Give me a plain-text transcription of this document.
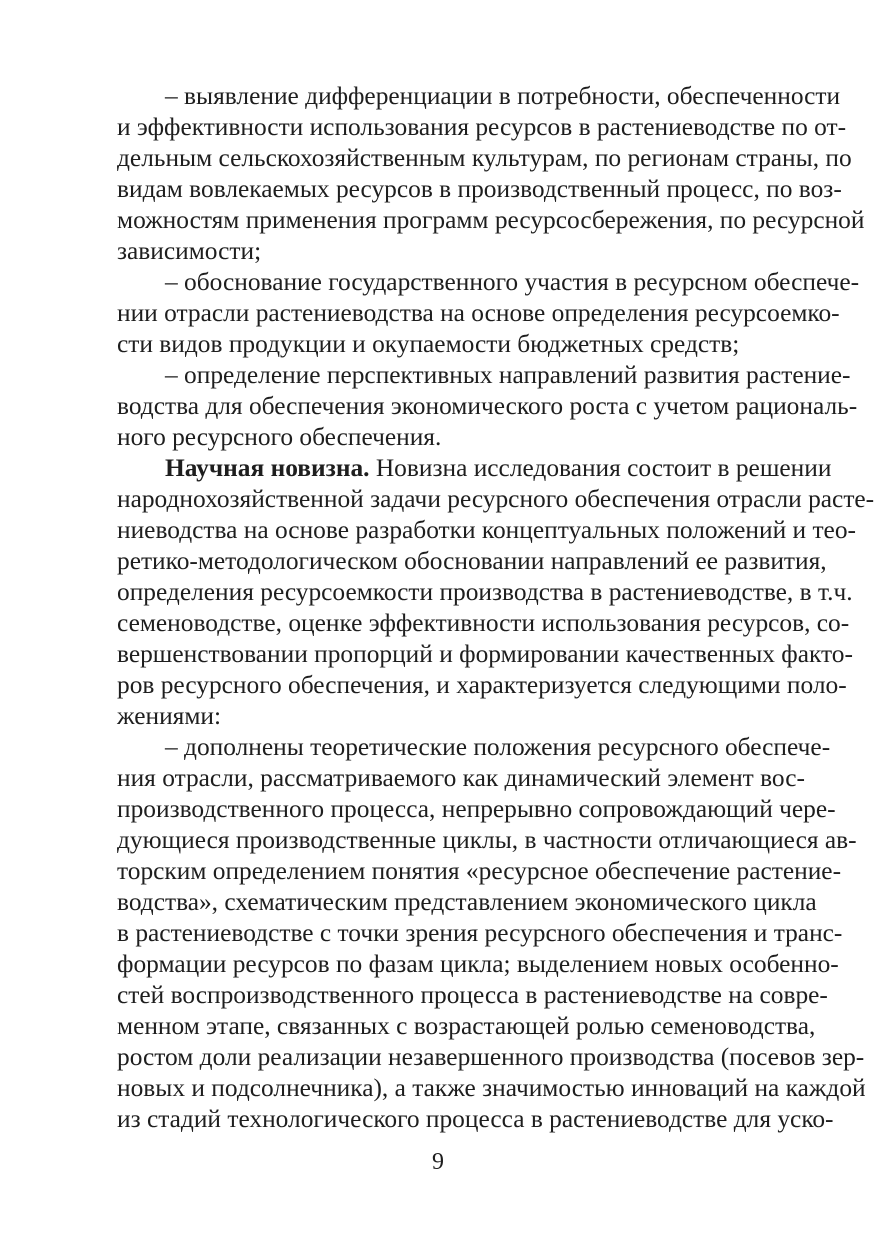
– выявление дифференциации в потребности, обеспеченности
и эффективности использования ресурсов в растениеводстве по от-
дельным сельскохозяйственным культурам, по регионам страны, по
видам вовлекаемых ресурсов в производственный процесс, по воз-
можностям применения программ ресурсосбережения, по ресурсной
зависимости;
– обоснование государственного участия в ресурсном обеспече-
нии отрасли растениеводства на основе определения ресурсоемко-
сти видов продукции и окупаемости бюджетных средств;
– определение перспективных направлений развития растение-
водства для обеспечения экономического роста с учетом рациональ-
ного ресурсного обеспечения.
Научная новизна. Новизна исследования состоит в решении
народнохозяйственной задачи ресурсного обеспечения отрасли расте-
ниеводства на основе разработки концептуальных положений и тео-
ретико-методологическом обосновании направлений ее развития,
определения ресурсоемкости производства в растениеводстве, в т.ч.
семеноводстве, оценке эффективности использования ресурсов, со-
вершенствовании пропорций и формировании качественных факто-
ров ресурсного обеспечения, и характеризуется следующими поло-
жениями:
– дополнены теоретические положения ресурсного обеспече-
ния отрасли, рассматриваемого как динамический элемент вос-
производственного процесса, непрерывно сопровождающий чере-
дующиеся производственные циклы, в частности отличающиеся ав-
торским определением понятия «ресурсное обеспечение растение-
водства», схематическим представлением экономического цикла
в растениеводстве с точки зрения ресурсного обеспечения и транс-
формации ресурсов по фазам цикла; выделением новых особенно-
стей воспроизводственного процесса в растениеводстве на совре-
менном этапе, связанных с возрастающей ролью семеноводства,
ростом доли реализации незавершенного производства (посевов зер-
новых и подсолнечника), а также значимостью инноваций на каждой
из стадий технологического процесса в растениеводстве для уско-
9
